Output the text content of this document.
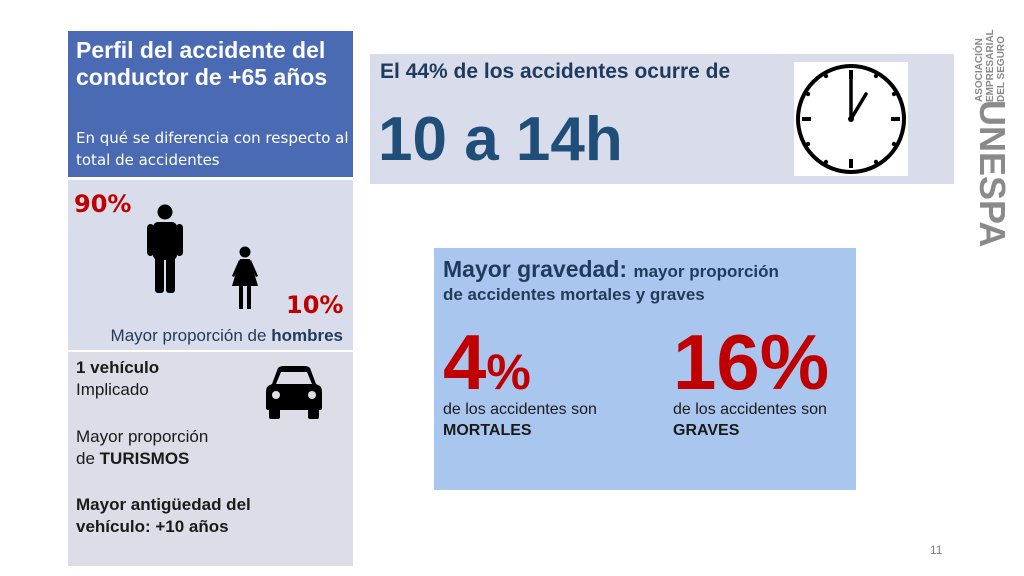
Perfil del accidente del conductor de +65 años
En qué se diferencia con respecto al total de accidentes
90%
10%
Mayor proporción de hombres
1 vehículo
Implicado
Mayor proporción
de TURISMOS
Mayor antigüedad del
vehículo: +10 años
El 44% de los accidentes ocurre de
10 a 14h
Mayor gravedad: mayor proporción
de accidentes mortales y graves
4%
de los accidentes son
MORTALES
16%
de los accidentes son
GRAVES
UNESPA
ASOCIACIÓN EMPRESARIAL DEL SEGURO
11
